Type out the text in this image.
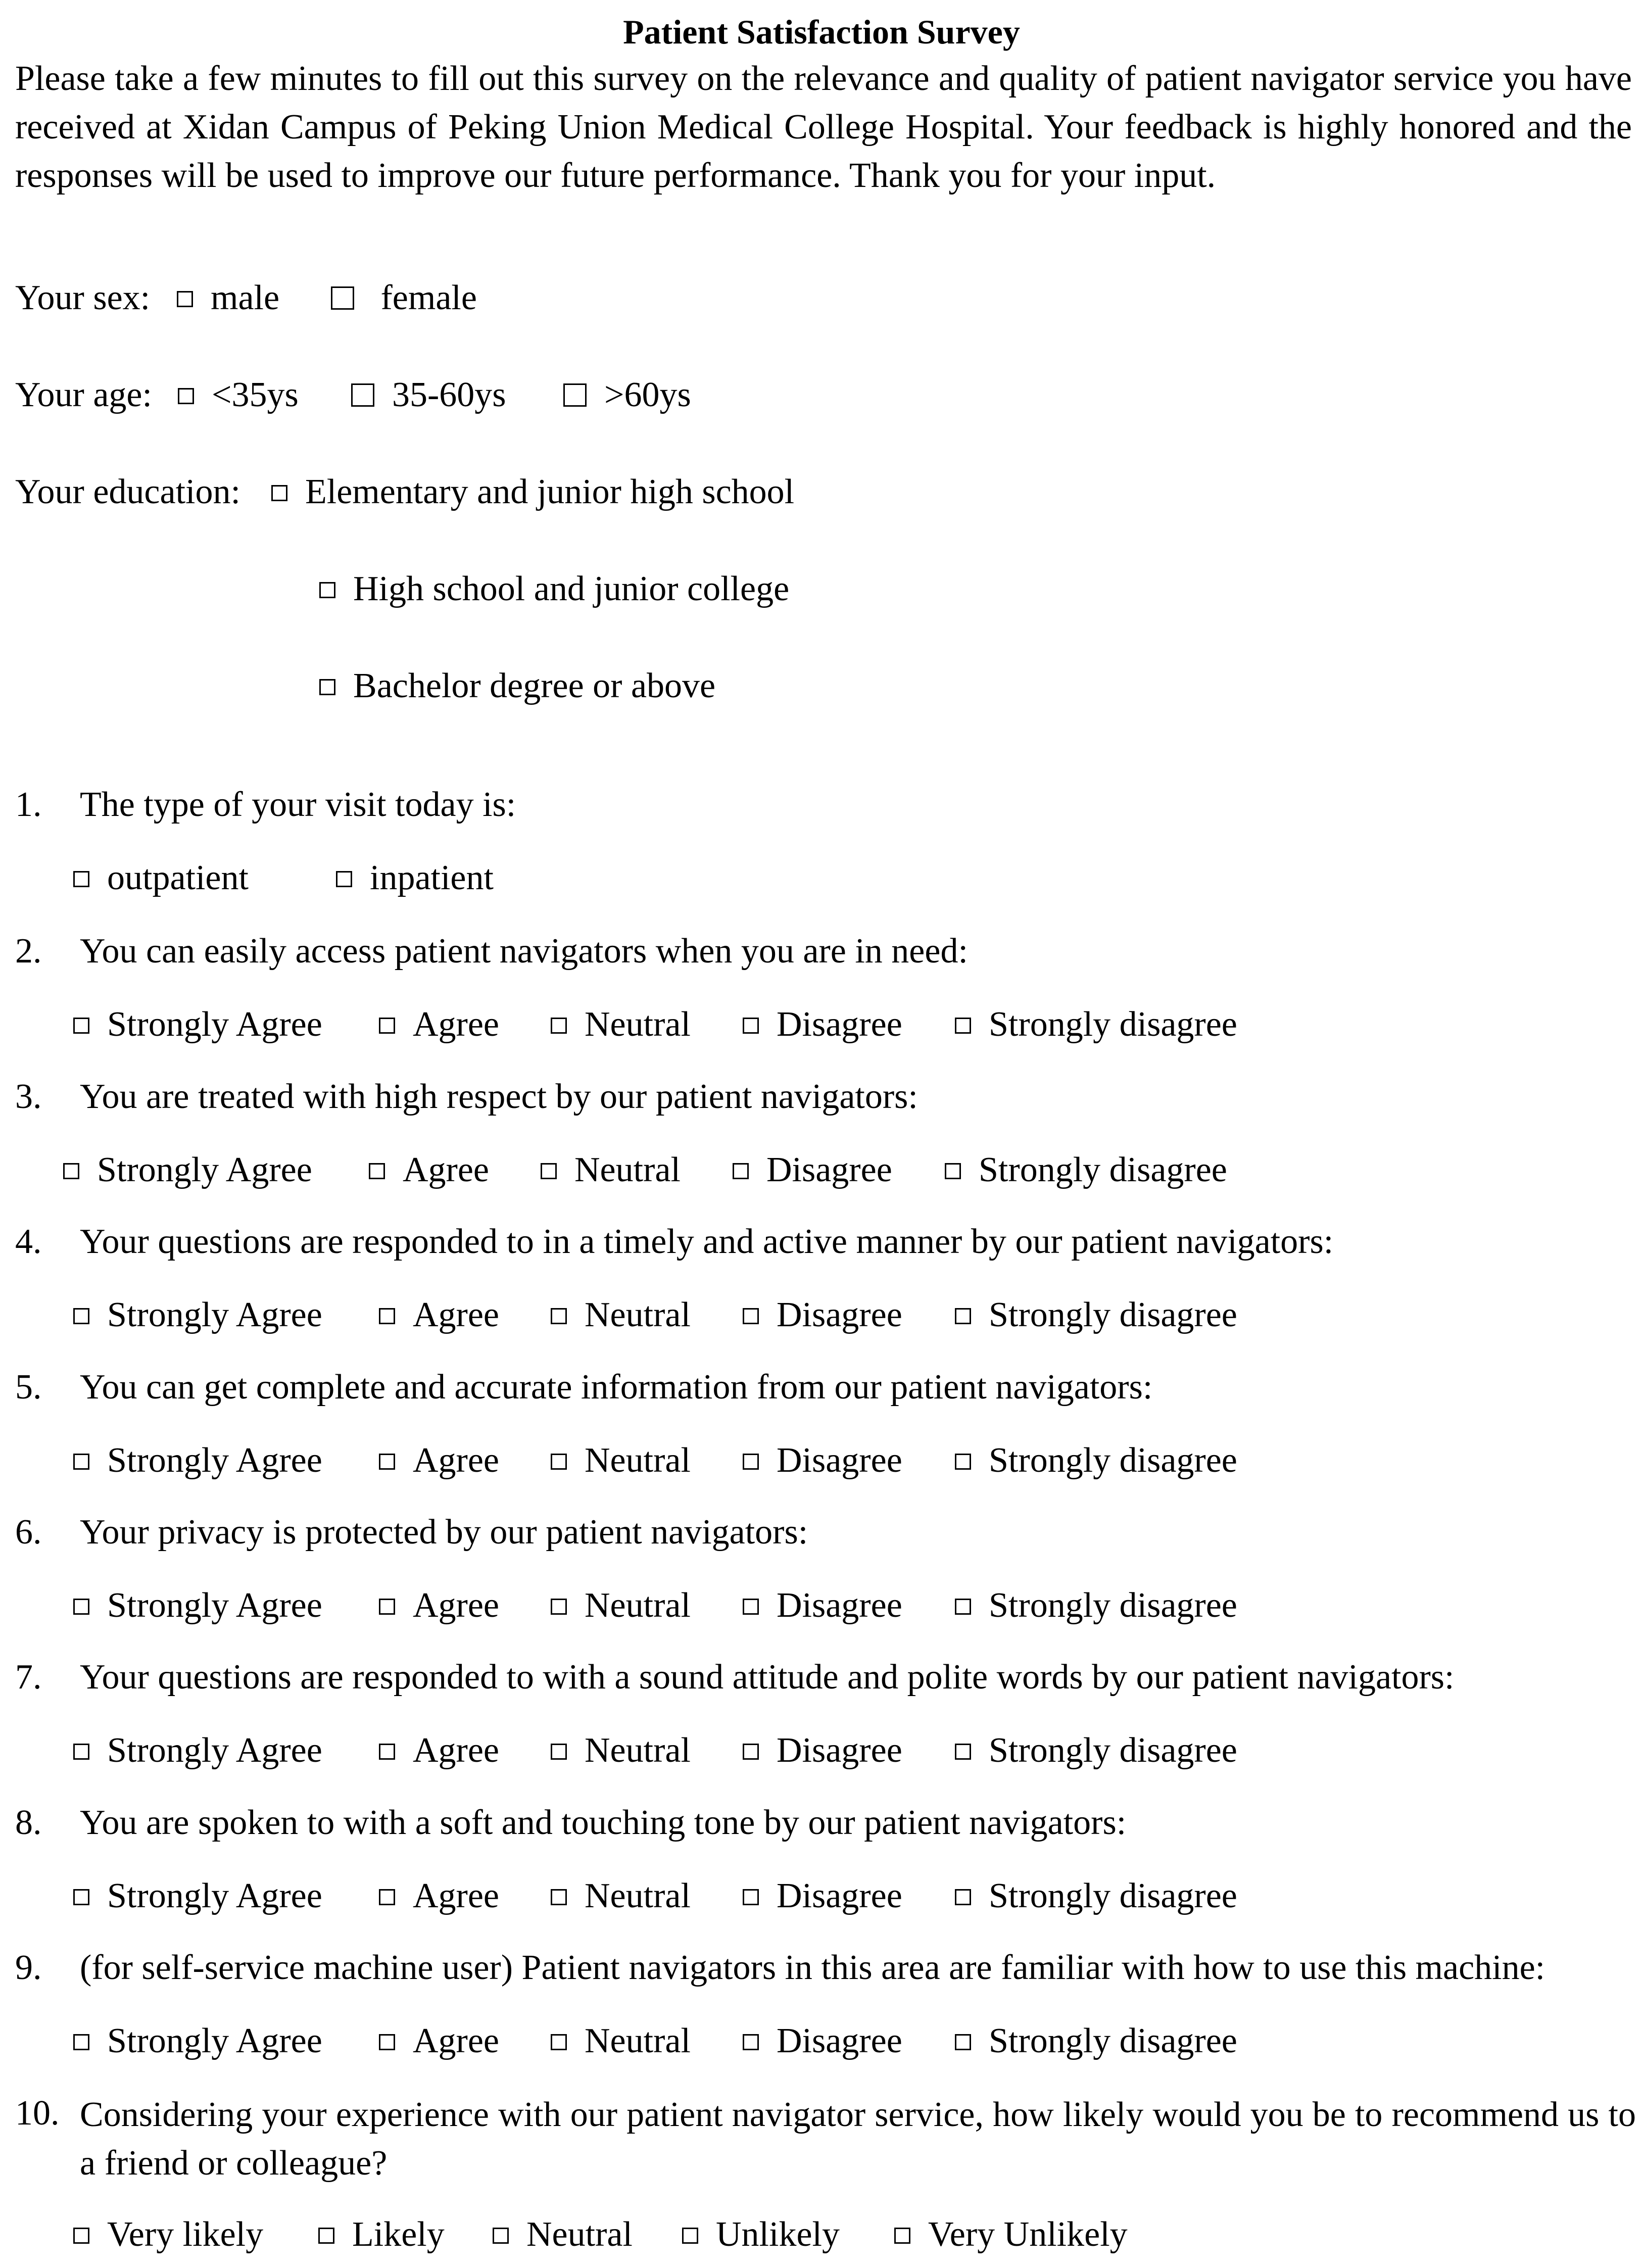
Patient Satisfaction Survey
Please take a few minutes to fill out this survey on the relevance and quality of patient navigator service you have received at Xidan Campus of Peking Union Medical College Hospital. Your feedback is highly honored and the responses will be used to improve our future performance. Thank you for your input.
Your sex:	male	female
Your age:	<35ys	35-60ys	>60ys
Your education:	Elementary and junior high school
High school and junior college
Bachelor degree or above
1. The type of your visit today is:
outpatient	inpatient
2. You can easily access patient navigators when you are in need:
Strongly Agree	Agree	Neutral	Disagree	Strongly disagree
3. You are treated with high respect by our patient navigators:
Strongly Agree	Agree	Neutral	Disagree	Strongly disagree
4. Your questions are responded to in a timely and active manner by our patient navigators:
Strongly Agree	Agree	Neutral	Disagree	Strongly disagree
5. You can get complete and accurate information from our patient navigators:
Strongly Agree	Agree	Neutral	Disagree	Strongly disagree
6. Your privacy is protected by our patient navigators:
Strongly Agree	Agree	Neutral	Disagree	Strongly disagree
7. Your questions are responded to with a sound attitude and polite words by our patient navigators:
Strongly Agree	Agree	Neutral	Disagree	Strongly disagree
8. You are spoken to with a soft and touching tone by our patient navigators:
Strongly Agree	Agree	Neutral	Disagree	Strongly disagree
9. (for self-service machine user) Patient navigators in this area are familiar with how to use this machine:
Strongly Agree	Agree	Neutral	Disagree	Strongly disagree
10. Considering your experience with our patient navigator service, how likely would you be to recommend us to a friend or colleague?
Very likely	Likely	Neutral	Unlikely	Very Unlikely
